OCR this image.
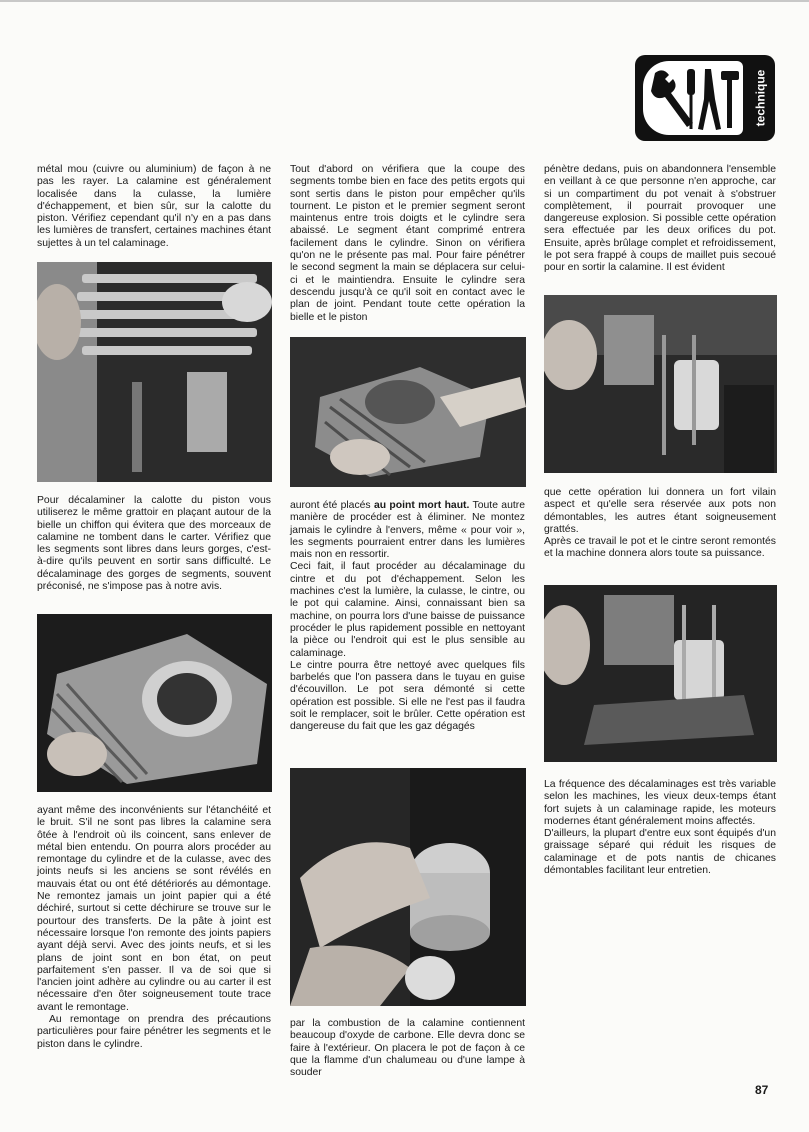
technique

métal mou (cuivre ou aluminium) de façon à ne pas les rayer. La calamine est généralement localisée dans la culasse, la lumière d'échappement, et bien sûr, sur la calotte du piston. Vérifiez cependant qu'il n'y en a pas dans les lumières de transfert, certaines machines étant sujettes à un tel calaminage.

Pour décalaminer la calotte du piston vous utiliserez le même grattoir en plaçant autour de la bielle un chiffon qui évitera que des morceaux de calamine ne tombent dans le carter. Vérifiez que les segments sont libres dans leurs gorges, c'est-à-dire qu'ils peuvent en sortir sans difficulté. Le décalaminage des gorges de segments, souvent préconisé, ne s'impose pas à notre avis.

ayant même des inconvénients sur l'étanchéité et le bruit. S'il ne sont pas libres la calamine sera ôtée à l'endroit où ils coincent, sans enlever de métal bien entendu. On pourra alors procéder au remontage du cylindre et de la culasse, avec des joints neufs si les anciens se sont révélés en mauvais état ou ont été détériorés au démontage. Ne remontez jamais un joint papier qui a été déchiré, surtout si cette déchirure se trouve sur le pourtour des transferts. De la pâte à joint est nécessaire lorsque l'on remonte des joints papiers ayant déjà servi. Avec des joints neufs, et si les plans de joint sont en bon état, on peut parfaitement s'en passer. Il va de soi que si l'ancien joint adhère au cylindre ou au carter il est nécessaire d'en ôter soigneusement toute trace avant le remontage.

Au remontage on prendra des précautions particulières pour faire pénétrer les segments et le piston dans le cylindre.

Tout d'abord on vérifiera que la coupe des segments tombe bien en face des petits ergots qui sont sertis dans le piston pour empêcher qu'ils tournent. Le piston et le premier segment seront maintenus entre trois doigts et le cylindre sera abaissé. Le segment étant comprimé entrera facilement dans le cylindre. Sinon on vérifiera qu'on ne le présente pas mal. Pour faire pénétrer le second segment la main se déplacera sur celui-ci et le maintiendra. Ensuite le cylindre sera descendu jusqu'à ce qu'il soit en contact avec le plan de joint. Pendant toute cette opération la bielle et le piston

auront été placés au point mort haut. Toute autre manière de procéder est à éliminer. Ne montez jamais le cylindre à l'envers, même « pour voir », les segments pourraient entrer dans les lumières mais non en ressortir.

Ceci fait, il faut procéder au décalaminage du cintre et du pot d'échappement. Selon les machines c'est la lumière, la culasse, le cintre, ou le pot qui calamine. Ainsi, connaissant bien sa machine, on pourra lors d'une baisse de puissance procéder le plus rapidement possible en nettoyant la pièce ou l'endroit qui est le plus sensible au calaminage.

Le cintre pourra être nettoyé avec quelques fils barbelés que l'on passera dans le tuyau en guise d'écouvillon. Le pot sera démonté si cette opération est possible. Si elle ne l'est pas il faudra soit le remplacer, soit le brûler. Cette opération est dangereuse du fait que les gaz dégagés

par la combustion de la calamine contiennent beaucoup d'oxyde de carbone. Elle devra donc se faire à l'extérieur. On placera le pot de façon à ce que la flamme d'un chalumeau ou d'une lampe à souder

pénètre dedans, puis on abandonnera l'ensemble en veillant à ce que personne n'en approche, car si un compartiment du pot venait à s'obstruer complètement, il pourrait provoquer une dangereuse explosion. Si possible cette opération sera effectuée par les deux orifices du pot. Ensuite, après brûlage complet et refroidissement, le pot sera frappé à coups de maillet puis secoué pour en sortir la calamine. Il est évident

que cette opération lui donnera un fort vilain aspect et qu'elle sera réservée aux pots non démontables, les autres étant soigneusement grattés.

Après ce travail le pot et le cintre seront remontés et la machine donnera alors toute sa puissance.

La fréquence des décalaminages est très variable selon les machines, les vieux deux-temps étant fort sujets à un calaminage rapide, les moteurs modernes étant généralement moins affectés.

D'ailleurs, la plupart d'entre eux sont équipés d'un graissage séparé qui réduit les risques de calaminage et de pots nantis de chicanes démontables facilitant leur entretien.

87
